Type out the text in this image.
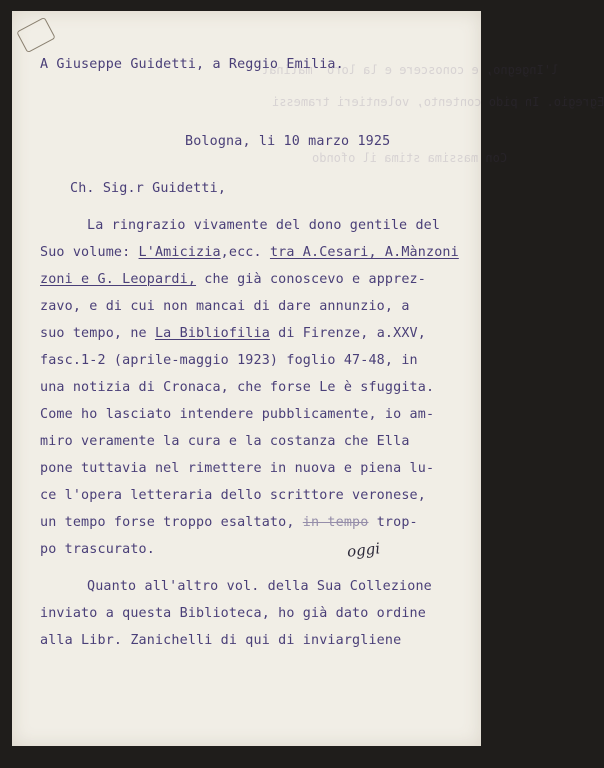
l'Ingegno, e conoscere e la loro  malinal
Egregio. In pido contento, volentieri tramessi
Con massima stima il ofondo
A Giuseppe Guidetti, a Reggio Emilia.
Bologna, li 10 marzo 1925
Ch. Sig.r Guidetti,
La ringrazio vivamente del dono gentile del
Suo volume: L'Amicizia,ecc. tra A.Cesari, A.Mànzoni
zoni e G. Leopardi, che già conoscevo e apprez-
zavo, e di cui non mancai di dare annunzio, a
suo tempo, ne La Bibliofilia di Firenze, a.XXV,
fasc.1-2 (aprile-maggio 1923) foglio 47-48, in
una notizia di Cronaca, che forse Le è sfuggita.
Come ho lasciato intendere pubblicamente, io am-
miro veramente la cura e la costanza che Ella
pone tuttavia nel rimettere in nuova e piena lu-
ce l'opera letteraria dello scrittore veronese,
un tempo forse troppo esaltato, in tempo trop-
oggi
po trascurato.
Quanto all'altro vol. della Sua Collezione
inviato a questa Biblioteca, ho già dato ordine
alla Libr. Zanichelli di qui di inviargliene
